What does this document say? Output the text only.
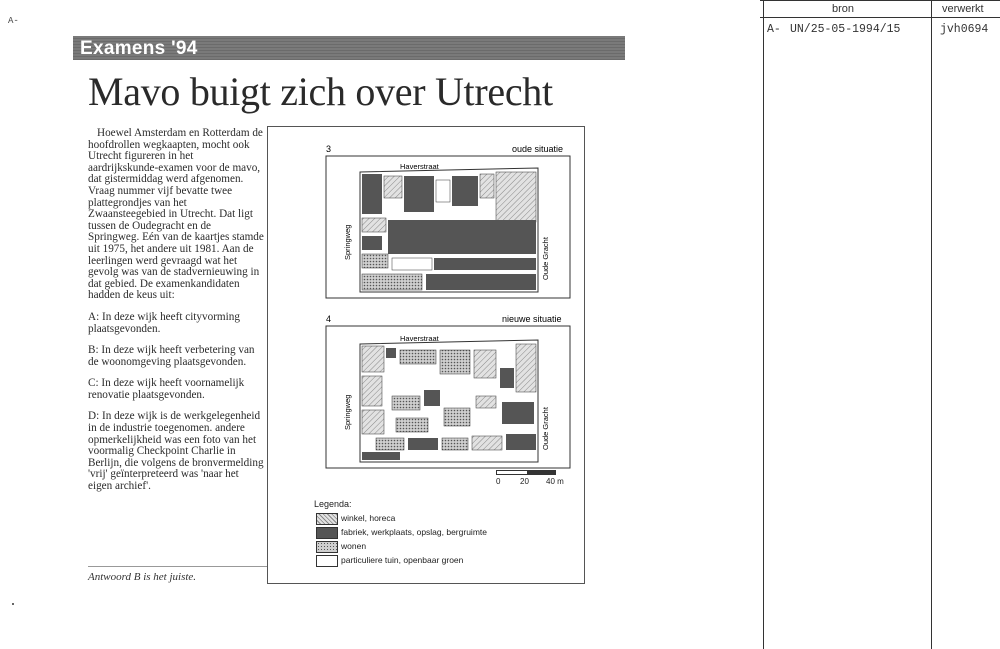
A-
Examens '94
Mavo buigt zich over Utrecht

Hoewel Amsterdam en Rotterdam de hoofdrollen wegkaapten, mocht ook Utrecht figureren in het aardrijkskunde-examen voor de mavo, dat gistermiddag werd afgenomen. Vraag nummer vijf bevatte twee plattegrondjes van het Zwaansteegebied in Utrecht. Dat ligt tussen de Oudegracht en de Springweg. Eén van de kaartjes stamde uit 1975, het andere uit 1981. Aan de leerlingen werd gevraagd wat het gevolg was van de stadvernieuwing in dat gebied. De examenkandidaten hadden de keus uit:

A: In deze wijk heeft cityvorming plaatsgevonden.

B: In deze wijk heeft verbetering van de woonomgeving plaatsgevonden.

C: In deze wijk heeft voornamelijk renovatie plaatsgevonden.

D: In deze wijk is de werkgelegenheid in de industrie toegenomen. andere opmerkelijkheid was een foto van het voormalig Checkpoint Charlie in Berlijn, die volgens de bronvermelding 'vrij' geïnterpreteerd was 'naar het eigen archief'.

Antwoord B is het juiste.
3	oude situatie
Haverstraat
Springweg	Oude Gracht
4	nieuwe situatie
Haverstraat
Springweg	Oude Gracht
0 20 40 m
Legenda:
winkel, horeca
fabriek, werkplaats, opslag, bergruimte
wonen
particuliere tuin, openbaar groen
bron	verwerkt
A- UN/25-05-1994/15	jvh0694
